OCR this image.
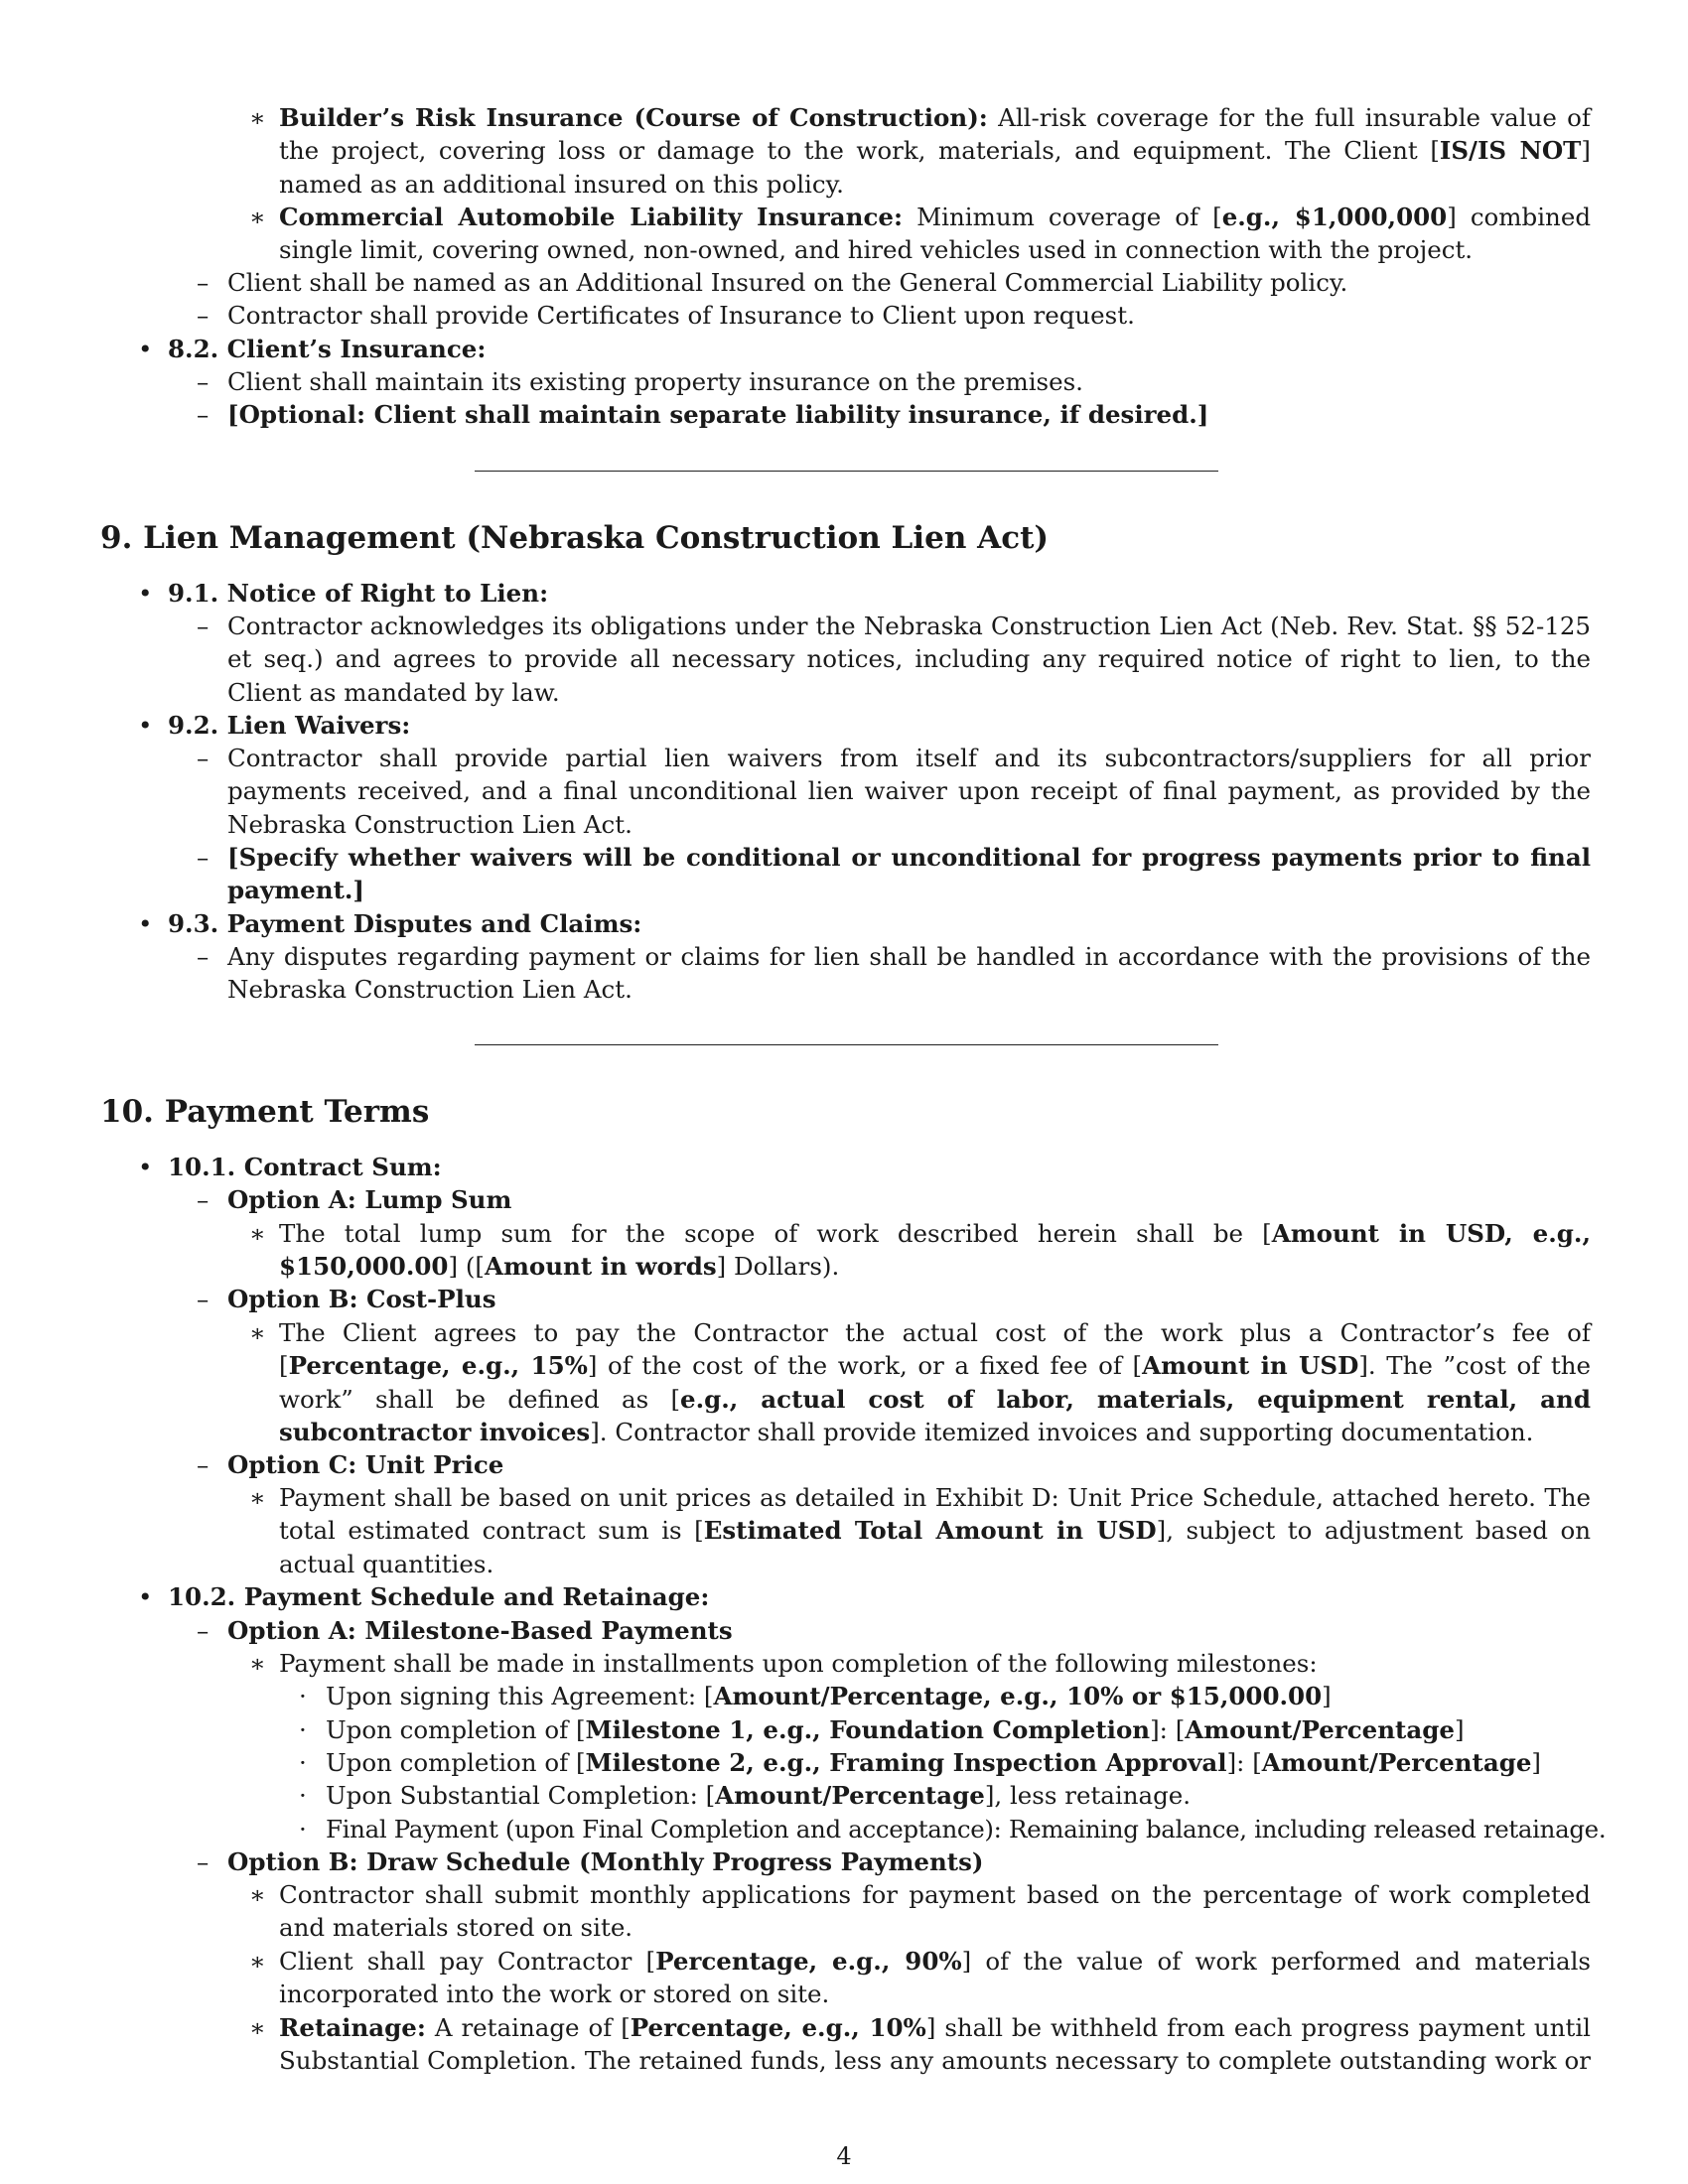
∗ Builder’s Risk Insurance (Course of Construction): All-risk coverage for the full insurable value of the project, covering loss or damage to the work, materials, and equipment. The Client [IS/IS NOT] named as an additional insured on this policy.

∗ Commercial Automobile Liability Insurance: Minimum coverage of [e.g., $1,000,000] combined single limit, covering owned, non-owned, and hired vehicles used in connection with the project.

– Client shall be named as an Additional Insured on the General Commercial Liability policy.

– Contractor shall provide Certificates of Insurance to Client upon request.

• 8.2. Client’s Insurance:

– Client shall maintain its existing property insurance on the premises.

– [Optional: Client shall maintain separate liability insurance, if desired.]

9. Lien Management (Nebraska Construction Lien Act)
• 9.1. Notice of Right to Lien:

– Contractor acknowledges its obligations under the Nebraska Construction Lien Act (Neb. Rev. Stat. §§ 52-125 et seq.) and agrees to provide all necessary notices, including any required notice of right to lien, to the Client as mandated by law.

• 9.2. Lien Waivers:

– Contractor shall provide partial lien waivers from itself and its subcontractors/suppliers for all prior payments received, and a final unconditional lien waiver upon receipt of final payment, as provided by the Nebraska Construction Lien Act.

– [Specify whether waivers will be conditional or unconditional for progress payments prior to final payment.]

• 9.3. Payment Disputes and Claims:

– Any disputes regarding payment or claims for lien shall be handled in accordance with the provisions of the Nebraska Construction Lien Act.

10. Payment Terms
• 10.1. Contract Sum:

– Option A: Lump Sum

∗ The total lump sum for the scope of work described herein shall be [Amount in USD, e.g., $150,000.00] ([Amount in words] Dollars).

– Option B: Cost-Plus

∗ The Client agrees to pay the Contractor the actual cost of the work plus a Contractor’s fee of [Percentage, e.g., 15%] of the cost of the work, or a fixed fee of [Amount in USD]. The ”cost of the work” shall be defined as [e.g., actual cost of labor, materials, equipment rental, and subcontractor invoices]. Contractor shall provide itemized invoices and supporting documentation.

– Option C: Unit Price

∗ Payment shall be based on unit prices as detailed in Exhibit D: Unit Price Schedule, attached hereto. The total estimated contract sum is [Estimated Total Amount in USD], subject to adjustment based on actual quantities.

• 10.2. Payment Schedule and Retainage:

– Option A: Milestone-Based Payments

∗ Payment shall be made in installments upon completion of the following milestones:

· Upon signing this Agreement: [Amount/Percentage, e.g., 10% or $15,000.00]

· Upon completion of [Milestone 1, e.g., Foundation Completion]: [Amount/Percentage]

· Upon completion of [Milestone 2, e.g., Framing Inspection Approval]: [Amount/Percentage]

· Upon Substantial Completion: [Amount/Percentage], less retainage.

· Final Payment (upon Final Completion and acceptance): Remaining balance, including released retainage.

– Option B: Draw Schedule (Monthly Progress Payments)

∗ Contractor shall submit monthly applications for payment based on the percentage of work completed and materials stored on site.

∗ Client shall pay Contractor [Percentage, e.g., 90%] of the value of work performed and materials incorporated into the work or stored on site.

∗ Retainage: A retainage of [Percentage, e.g., 10%] shall be withheld from each progress payment until Substantial Completion. The retained funds, less any amounts necessary to complete outstanding work or

4
